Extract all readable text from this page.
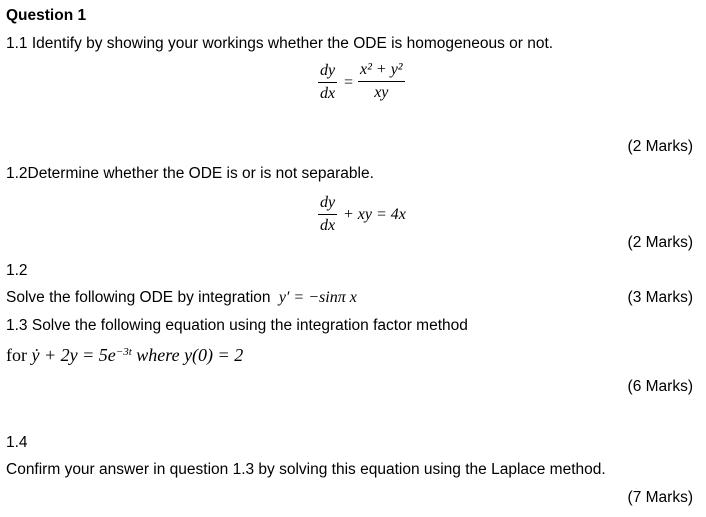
Question 1
1.1 Identify by showing your workings whether the ODE is homogeneous or not.
dy
dx
=
x² + y²
xy
(2 Marks)
1.2Determine whether the ODE is or is not separable.
dy
dx
+ xy = 4x
(2 Marks)
1.2
Solve the following ODE by integration y′ = −sinπ x	(3 Marks)
1.3 Solve the following equation using the integration factor method
for ẏ + $2y = 5e^{-3t}$ where y(0) = 2
(6 Marks)
1.4
Confirm your answer in question 1.3 by solving this equation using the Laplace method.
(7 Marks)
